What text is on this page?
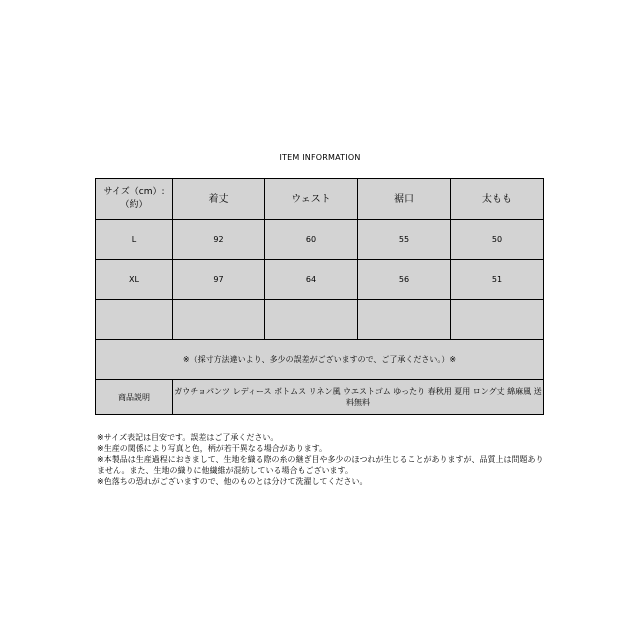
ITEM INFORMATION
サイズ（cm）:（約）	着丈	ウェスト	裾口	太もも
L	92	60	55	50
XL	97	64	56	51

※（採寸方法違いより、多少の誤差がございますので、ご了承ください。）※				
商品説明	ガウチョパンツ レディース ボトムス リネン風 ウエストゴム ゆったり 春秋用 夏用 ロング丈 綿麻風 送料無料			
※サイズ表記は目安です。誤差はご了承ください。
※生産の関係により写真と色，柄が若干異なる場合があります。
※本製品は生産過程におきまして、生地を織る際の糸の継ぎ目や多少のほつれが生じることがありますが、品質上は問題ありません。また、生地の織りに他繊維が混紡している場合もございます。
※色落ちの恐れがございますので、他のものとは分けて洗濯してください。
